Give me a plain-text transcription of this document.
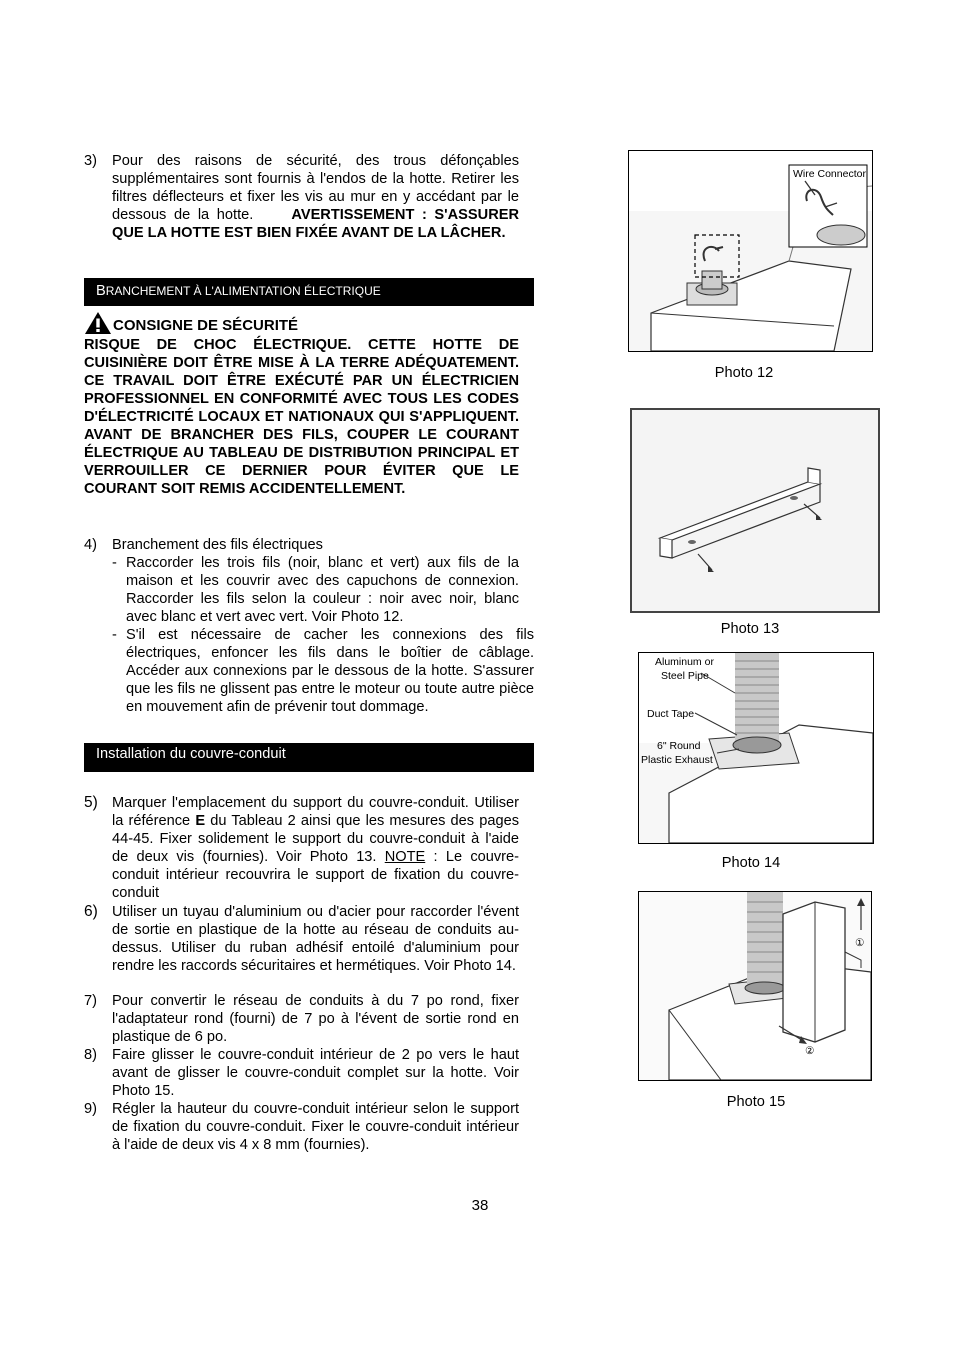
3) Pour des raisons de sécurité, des trous défonçables supplémentaires sont fournis à l'endos de la hotte. Retirer les filtres déflecteurs et fixer les vis au mur en y accédant par le dessous de la hotte.	AVERTISSEMENT : S'ASSURER QUE LA HOTTE EST BIEN FIXÉE AVANT DE LA LÂCHER.

BRANCHEMENT À L'ALIMENTATION ÉLECTRIQUE
CONSIGNE DE SÉCURITÉ

RISQUE DE CHOC ÉLECTRIQUE. CETTE HOTTE DE CUISINIÈRE DOIT ÊTRE MISE À LA TERRE ADÉQUATEMENT. CE TRAVAIL DOIT ÊTRE EXÉCUTÉ PAR UN ÉLECTRICIEN PROFESSIONNEL EN CONFORMITÉ AVEC TOUS LES CODES D'ÉLECTRICITÉ LOCAUX ET NATIONAUX QUI S'APPLIQUENT. AVANT DE BRANCHER DES FILS, COUPER LE COURANT ÉLECTRIQUE AU TABLEAU DE DISTRIBUTION PRINCIPAL ET VERROUILLER CE DERNIER POUR ÉVITER QUE LE COURANT SOIT REMIS ACCIDENTELLEMENT.

4) Branchement des fils électriques

- Raccorder les trois fils (noir, blanc et vert) aux fils de la maison et les couvrir avec des capuchons de connexion. Raccorder les fils selon la couleur : noir avec noir, blanc avec blanc et vert avec vert. Voir Photo 12.
- S'il est nécessaire de cacher les connexions des fils électriques, enfoncer les fils dans le boîtier de câblage. Accéder aux connexions par le dessous de la hotte. S'assurer que les fils ne glissent pas entre le moteur ou toute autre pièce en mouvement afin de prévenir tout dommage.
Installation du couvre-conduit
5) Marquer l'emplacement du support du couvre-conduit. Utiliser la référence E du Tableau 2 ainsi que les mesures des pages 44-45. Fixer solidement le support du couvre-conduit à l'aide de deux vis (fournies). Voir Photo 13. NOTE : Le couvre-conduit intérieur recouvrira le support de fixation du couvre- conduit

6) Utiliser un tuyau d'aluminium ou d'acier pour raccorder l'évent de sortie en plastique de la hotte au réseau de conduits au-dessus. Utiliser du ruban adhésif entoilé d'aluminium pour rendre les raccords sécuritaires et hermétiques. Voir Photo 14.

7) Pour convertir le réseau de conduits à du 7 po rond, fixer l'adaptateur rond (fourni) de 7 po à l'évent de sortie rond en plastique de 6 po.

8) Faire glisser le couvre-conduit intérieur de 2 po vers le haut avant de glisser le couvre-conduit complet sur la hotte. Voir Photo 15.

9) Régler la hauteur du couvre-conduit intérieur selon le support de fixation du couvre-conduit. Fixer le couvre-conduit intérieur à l'aide de deux vis 4 x 8 mm (fournies).

Wire Connector
Photo 12
Photo 13
Aluminum or
Steel Pipe
Duct Tape
6" Round
Plastic Exhaust
Photo 14
①
②
Photo 15
38
